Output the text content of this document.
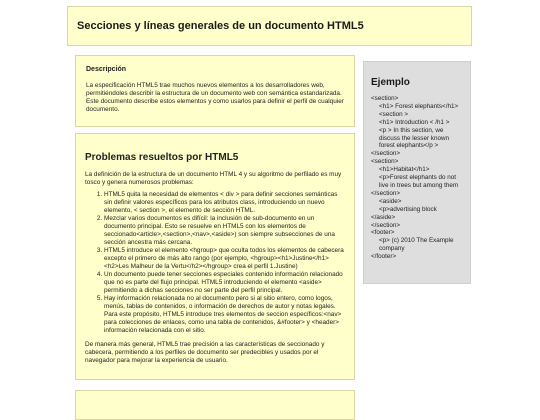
Secciones y líneas generales de un documento HTML5
Descripción

La especificación HTML5 trae muchos nuevos elementos a los desarrolladores web, permitiéndoles describir la estructura de un documento web con semántica estandarizada. Este documento describe estos elementos y como usarlos para definir el perfil de cualquier documento.

Problemas resueltos por HTML5

La definición de la estructura de un documento HTML 4 y su algoritmo de perfilado es muy tosco y genera numerosos problemas:

1. HTML5 quita la necesidad de elementos < div > para definir secciones semánticas sin definir valores específicos para los atributos class, introduciendo un nuevo elemento, < section >, el elemento de sección HTML.
2. Mezclar varios documentos es difícil: la inclusión de sub-documento en un documento principal. Esto se resuelve en HTML5 con los elementos de seccionado<article>,<section>,<nav>,<aside>) son siempre subsecciones de una sección ancestra más cercana.
3. HTML5 introduce el elemento <hgroup> que oculta todos los elementos de cabecera excepto el primero de más alto rango (por ejemplo, <hgroup><h1>Justine</h1><h2>Les Malheur de la Vertu</h2></hgroup> crea el perfil 1.Justine)
4. Un documento puede tener secciones especiales contenido información relacionado que no es parte del flujo principal. HTML5 introduciendo el elemento <aside> permitiendo a dichas secciones no ser parte del perfil principal.
5. Hay información relacionada no al documento pero si al sitio entero, como logos, menús, tablas de contenidos, o información de derechos de autor y notas legales. Para este propósito, HTML5 introduce tres elementos de seccion específicos:<nav> para colecciones de enlaces, como una tabla de contenidos, &#footer> y <header> información relacionada con el sitio.

De manera más general, HTML5 trae precisión a las características de seccionado y cabecera, permitiendo a los perfiles de documento ser predecibles y usados por el navegador para mejorar la experiencia de usuario.

Ejemplo
<section>
<h1> Forest elephants</h1> <section >
<h1> Introduction < /h1 >
<p > In this section, we discuss the lesser known forest elephants</p >
</section>
<section>
<h1>Habitat</h1>
<p>Forest elephants do not live in trees but among them
</section>
<aside>
<p>advertising block
</aside>
</section>
<footer>
<p> (c) 2010 The Example company
</footer>
